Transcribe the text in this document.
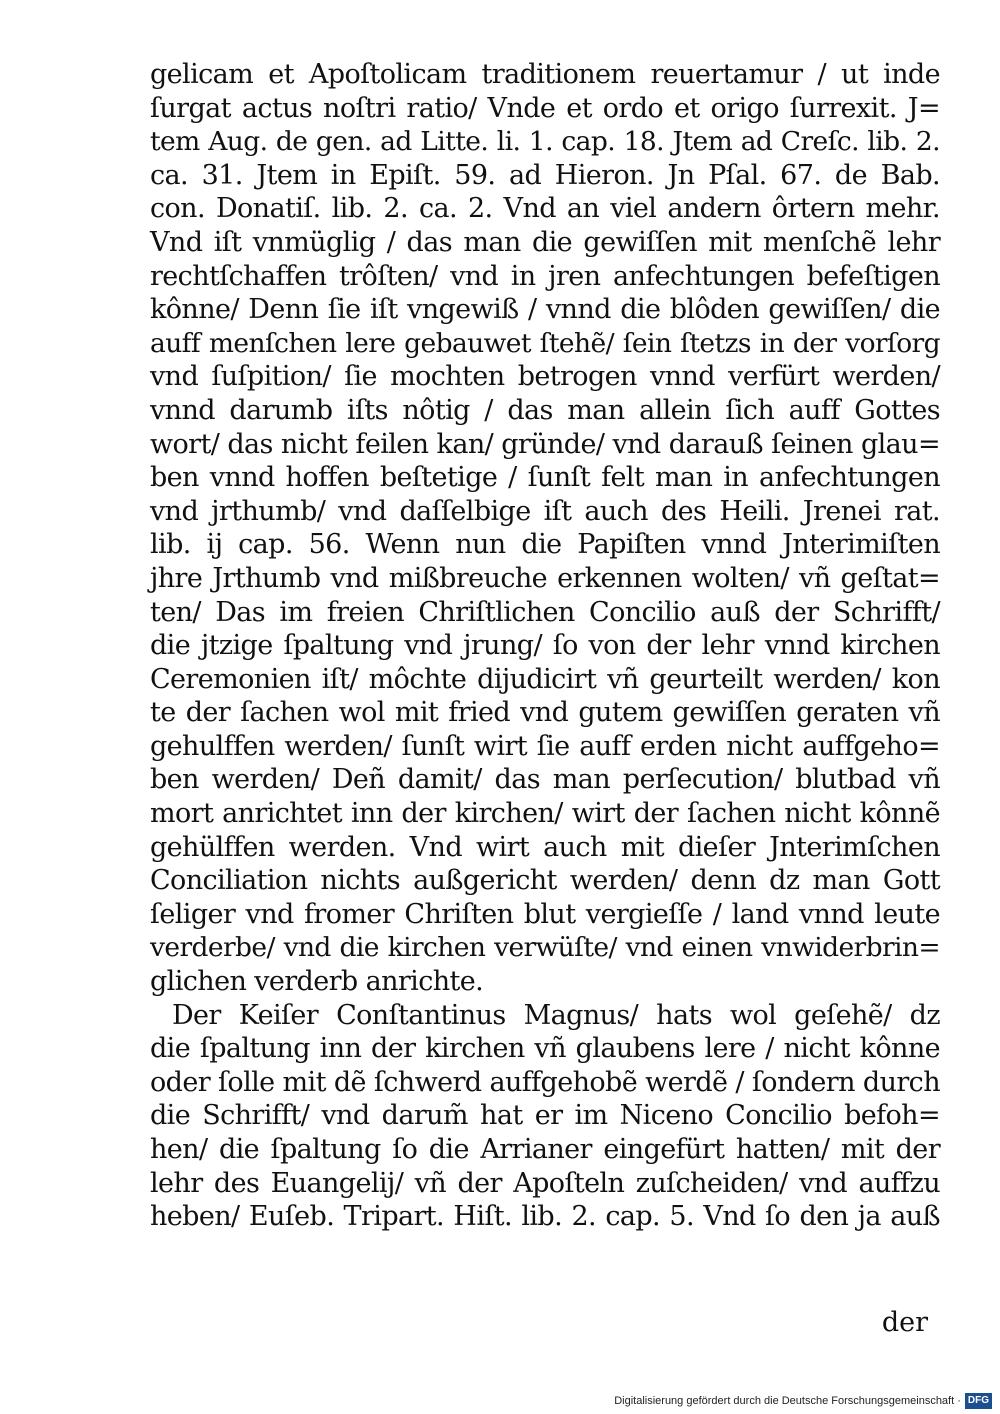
gelicam et Apoſtolicam traditionem reuertamur / ut inde
ſurgat actus noſtri ratio/ Vnde et ordo et origo ſurrexit. J=
tem Aug. de gen. ad Litte. li. 1. cap. 18. Jtem ad Creſc. lib. 2.
ca. 31. Jtem in Epiſt. 59. ad Hieron. Jn Pſal. 67. de Bab.
con. Donatiſ. lib. 2. ca. 2. Vnd an viel andern ôrtern mehr.
Vnd iſt vnmüglig / das man die gewiſſen mit menſchẽ lehr
rechtſchaffen trôſten/ vnd in jren anfechtungen befeſtigen
kônne/ Denn ſie iſt vngewiß / vnnd die blôden gewiſſen/ die
auff menſchen lere gebauwet ſtehẽ/ ſein ſtetzs in der vorſorg
vnd ſuſpition/ ſie mochten betrogen vnnd verfürt werden/
vnnd darumb iſts nôtig / das man allein ſich auff Gottes
wort/ das nicht feilen kan/ gründe/ vnd darauß ſeinen glau=
ben vnnd hoffen beſtetige / ſunſt felt man in anfechtungen
vnd jrthumb/ vnd daſſelbige iſt auch des Heili. Jrenei rat.
lib. ij cap. 56. Wenn nun die Papiſten vnnd Jnterimiſten
jhre Jrthumb vnd mißbreuche erkennen wolten/ vñ geſtat=
ten/ Das im freien Chriſtlichen Concilio auß der Schrifft/
die jtzige ſpaltung vnd jrung/ ſo von der lehr vnnd kirchen
Ceremonien iſt/ môchte dijudicirt vñ geurteilt werden/ kon
te der ſachen wol mit fried vnd gutem gewiſſen geraten vñ
gehulffen werden/ ſunſt wirt ſie auff erden nicht auffgeho=
ben werden/ Deñ damit/ das man perſecution/ blutbad vñ
mort anrichtet inn der kirchen/ wirt der ſachen nicht kônnẽ
gehülffen werden. Vnd wirt auch mit dieſer Jnterimſchen
Conciliation nichts außgericht werden/ denn dz man Gott
ſeliger vnd fromer Chriſten blut vergieſſe / land vnnd leute
verderbe/ vnd die kirchen verwüſte/ vnd einen vnwiderbrin=
glichen verderb anrichte.
Der Keiſer Conſtantinus Magnus/ hats wol geſehẽ/ dz
die ſpaltung inn der kirchen vñ glaubens lere / nicht kônne
oder ſolle mit dẽ ſchwerd auffgehobẽ werdẽ / ſondern durch
die Schrifft/ vnd darum̃ hat er im Niceno Concilio befoh=
hen/ die ſpaltung ſo die Arrianer eingefürt hatten/ mit der
lehr des Euangelij/ vñ der Apoſteln zuſcheiden/ vnd auffzu
heben/ Euſeb. Tripart. Hiſt. lib. 2. cap. 5. Vnd ſo den ja auß
der
Digitalisierung gefördert durch die Deutsche Forschungsgemeinschaft · DFG
